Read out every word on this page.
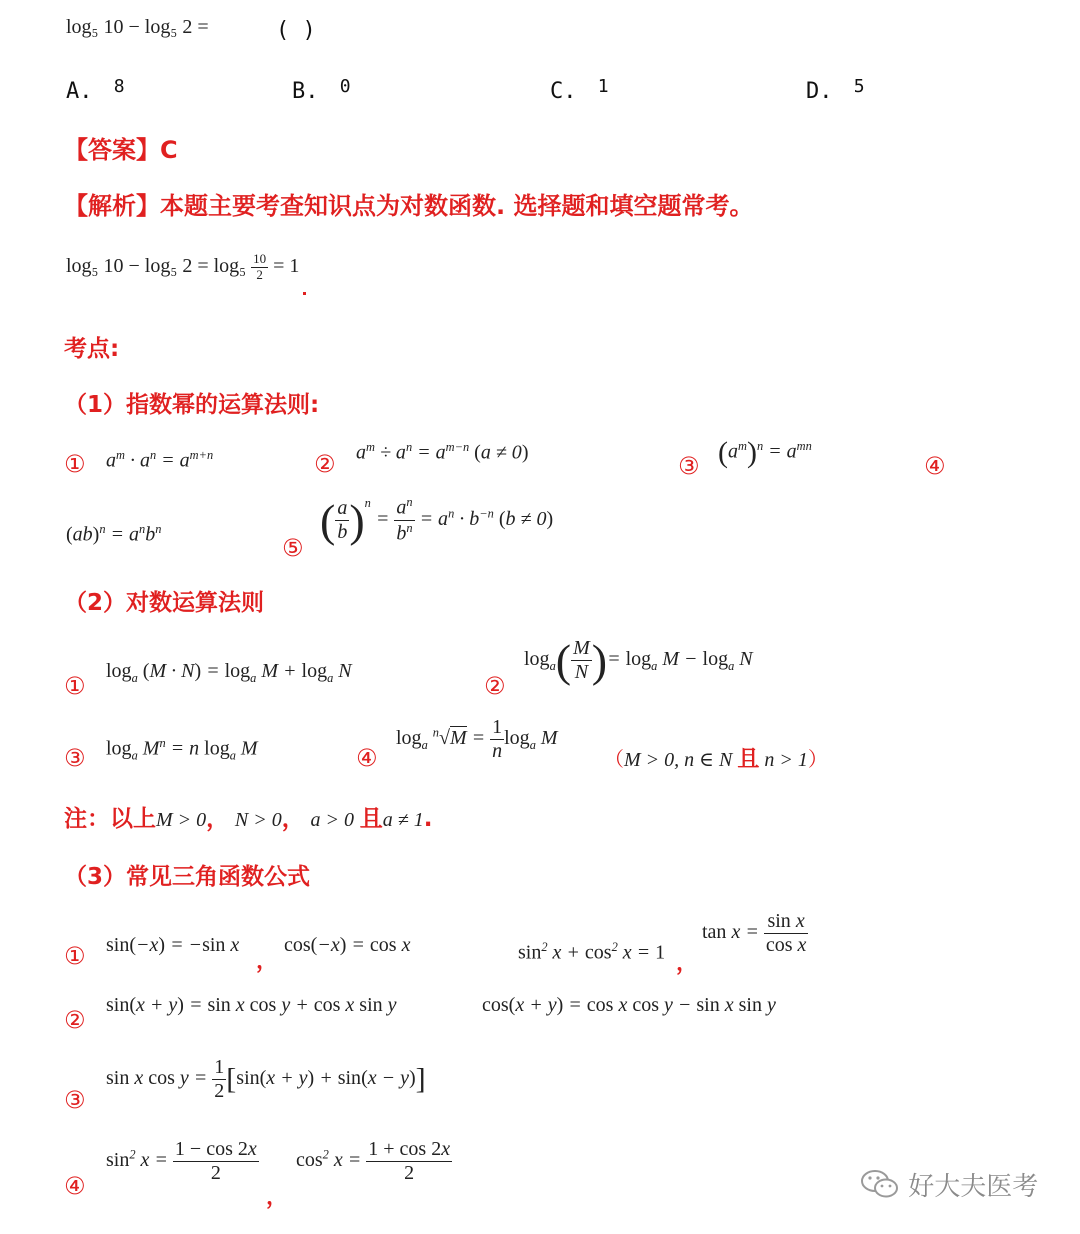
log₅ 10 − log₅ 2 =	( )
A. $^8$	B. $^0$	C. $^1$	D. $^5$
【答案】C
【解析】本题主要考查知识点为对数函数. 选择题和填空题常考。
log₅ 10 − log₅ $2 = \log_5 \frac{10}{2} = 1$
考点:
（1）指数幂的运算法则:
① $a^m \cdot a^n = a^{m+n}$	② $a^m \div a^n = a^{m-n}$ (a ≠ 0)	③ $(a^m)^n = a^{mn}$
④
$(ab)^n = a^nb^n$
⑤
( $\frac{a}{b} )^n = \frac{a^n}{b^n} = a^n \cdot b^{-n}$ (b ≠ 0)
（2）对数运算法则
①
$\log_a (M \cdot N) = \log_a M + \log_a N$
②
$\log_a( \frac{M}{N}$ )= $\log_a M - \log_a N$
③ $\log_a M^n = n$ $\log_a M$	④
$\log_a ^n√M = \frac{1}{n} \log_a M$
（M > 0, n ∈ N 且 n > 1）
注：以上M > 0， N > 0， a > 0 且a ≠ 1.
（3）常见三角函数公式
① sin(−x) = −sin x
，
cos(−x) = cos x	$\sin^2 x + \cos^2 x = 1$ ，
$\tan x = \frac{\text{sin x}}{\text{cos x}}$
②
sin(x + y) = sin x cos y + cos x sin y	cos(x + y) = cos x cos y − sin x sin y
③
sin x $\cos y = \frac{1}{2} [\sin(x + y) + \sin(x - y)]$
④
$\sin^2 x = \frac{1 - \cos 2x}{2}$
，
$\cos^2 x = \frac{1 + \cos 2x}{2}$
好大夫医考
